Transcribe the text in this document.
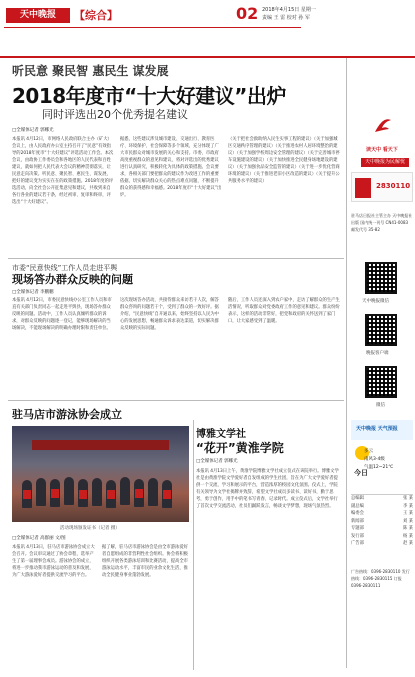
天中晚报	【综合】	02 2018年4月15日 星期一
责编 王 雷 校对 孙 军
听民意 聚民智 惠民生 谋发展
2018年度市“十大好建议”出炉
同时评选出20个优秀提名建议
□全媒体记者 郭娜光
本报讯 4月12日，市网络人民政府联合主办（矿大）会议上，由人民政府办公室主持召开了“民意”有效指导的2018年度市“十大好建议”评选活动工作会。本次会议，由政协工作委员会和各地区的人民代表和百姓建议，就如何把人民代表大会议的精神贯彻落实，让民意走向决策。听民意、聚民智、惠民生、谋发展，把好的建议变为实实在在的政策措施。2018年度的评选活动，向全社会公开征集意见和建议，共收到来自各行各业的建议若干条，经过初审、复审和终审，评选出“十大好建议”。
据悉，这些建议涉及城市建设、交通出行、教育医疗、环境保护、社会保障等多个领域，充分体现了广大市民群众对城市发展的关心和支持。市委、市政府高度重视群众的意见和建议，将对评选出的优秀建议进行认真研究，积极转化为具体的政策措施。会议要求，各相关部门要把群众的建议作为改进工作的重要依据，切实解决群众关心的热点难点问题，不断提升群众的获得感和幸福感。2018年度市“十大好建议”出炉。
（关于把社会救助纳入民生实事工程的建议）（关于加强城区交通秩序管理的建议）（关于推进农村人居环境整治的建议）（关于加强学校周边安全管理的建议）（关于完善城市停车设施建设的建议）（关于加快推进全民健身场地建设的建议）（关于加强食品安全监管的建议）（关于进一步优化营商环境的建议）（关于推进老旧小区改造的建议）（关于提升公共服务水平的建议）
市委“民意快线”工作人员走进平舆
现场答办群众反映的问题
□全媒体记者 李鹏鹏
本报讯 4月12日，市委民意快线办公室工作人员和市直有关部门负责同志一起走进平舆县，现场答办群众反映的问题。活动中，工作人员认真倾听群众的诉求，对群众反映的问题逐一登记，能够现场解决的当场解决，不能现场解决的明确办理时限和责任单位。
这次现场答办活动，共接待群众来访若干人次，解答群众咨询的问题若干个，受到了群众的一致好评。据介绍，“民意快线”自开通以来，始终坚持以人民为中心的发展思想，畅通群众诉求表达渠道，切实解决群众反映的实际问题。
随后，工作人员还深入到农户家中，走访了解群众的生产生活情况，听取群众对党委政府工作的意见和建议。群众纷纷表示，这样的活动非常好，把党和政府的关怀送到了家门口，让大家感受到了温暖。
驻马店市游泳协会成立
活动现场颁发证书（记者 摄）
□全媒体记者 高群丽 文/图
本报讯 4月13日，驻马店市游泳协会成立大会召开。会议审议通过了协会章程，选举产生了第一届理事会成员。游泳协会的成立，将进一步推动我市游泳运动的普及和发展，为广大游泳爱好者提供交流学习的平台。
据了解，驻马店市游泳协会是由全市游泳爱好者自愿组成的非营利性社会组织。协会将积极组织开展各类游泳培训和比赛活动，提高全市游泳运动水平，丰富市民的业余文化生活，推动全民健身事业蓬勃发展。
博雅文学社
“花开”黄淮学院
□全媒体记者 郭娜光
本报讯 4月13日上午，黄淮学院博雅文学社成立仪式在该院举行。博雅文学社是由黄淮学院文学爱好者自发组成的学生社团，旨在为广大文学爱好者提供一个交流、学习和展示的平台，营造浓厚的校园文化氛围。仪式上，学院有关领导为文学社揭牌并致辞，希望文学社成员多读书、读好书，勤于思考，勇于创作，用手中的笔书写青春、记录时代。成立仪式后，文学社举行了首次文学交流活动，社员们踊跃发言，畅谈文学梦想，现场气氛热烈。
读天中 看天下
天中晚报为民解忧
2830110
驻马店日报社主管主办 天中晚报社出版 国内统一刊号 CN41-0083 邮发代号 35-82
天中晚报微信
晚报客户端
微信
天中晚报 天气预报
今日
多云
南风3-4级
气温12~21℃
总编辑	张 某
副总编	李 某
编委会	王 某
新闻部	刘 某
专题部	陈 某
发行部	杨 某
广告部	赵 某
广告热线：0396-2830110 发行热线：0396-2830115 订报 0396-2830111
